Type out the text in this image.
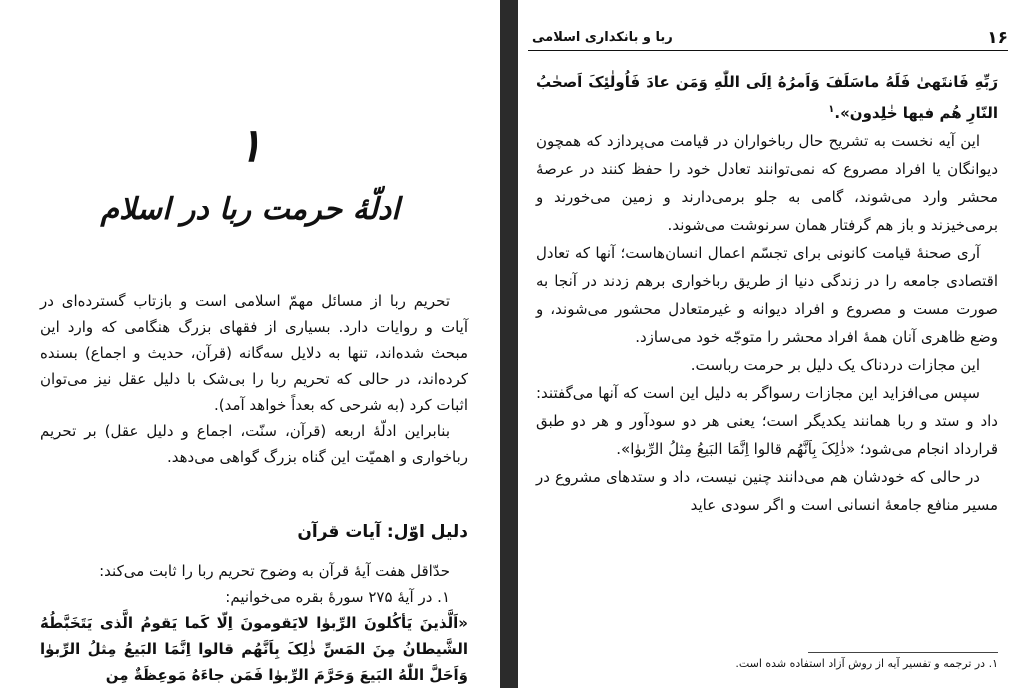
۱
ادلّهٔ حرمت ربا در اسلام

تحریم ربا از مسائل مهمّ اسلامی است و بازتاب گسترده‌ای در آیات و روایات دارد. بسیاری از فقهای بزرگ هنگامی که وارد این مبحث شده‌اند، تنها به دلایل سه‌گانه (قرآن، حدیث و اجماع) بسنده کرده‌اند، در حالی که تحریم ربا را بی‌شک با دلیل عقل نیز می‌توان اثبات کرد (به شرحی که بعداً خواهد آمد).

بنابراین ادلّهٔ اربعه (قرآن، سنّت، اجماع و دلیل عقل) بر تحریم رباخواری و اهمیّت این گناه بزرگ گواهی می‌دهد.

دلیل اوّل: آیات قرآن

حدّاقل هفت آیهٔ قرآن به وضوح تحریم ربا را ثابت می‌کند:

۱. در آیهٔ ۲۷۵ سورهٔ بقره می‌خوانیم:

«اَلَّذینَ یَأکُلونَ الرِّبوٰا لایَقومونَ اِلّا کَما یَقومُ الَّذی یَتَخَبَّطُهُ الشَّیطانُ مِنَ المَسِّ ذٰلِکَ بِاَنَّهُم قالوا اِنَّمَا البَیعُ مِثلُ الرِّبوٰا وَاَحَلَّ اللّٰهُ البَیعَ وَحَرَّمَ الرِّبوٰا فَمَن جاءَهُ مَوعِظَةٌ مِن

۱۶
ربا و بانکداری اسلامی

رَبِّهِ فَانتَهیٰ فَلَهُ ماسَلَفَ وَاَمرُهُ اِلَی اللّٰهِ وَمَن عادَ فَاُولٰئِکَ اَصحٰبُ النّارِ هُم فیها خٰلِدون».$^۱$

این آیه نخست به تشریح حال رباخواران در قیامت می‌پردازد که همچون دیوانگان یا افراد مصروع که نمی‌توانند تعادل خود را حفظ کنند در عرصهٔ محشر وارد می‌شوند، گامی به جلو برمی‌دارند و زمین می‌خورند و برمی‌خیزند و باز هم گرفتار همان سرنوشت می‌شوند.

آری صحنهٔ قیامت کانونی برای تجسّم اعمال انسان‌هاست؛ آنها که تعادل اقتصادی جامعه را در زندگی دنیا از طریق رباخواری برهم زدند در آنجا به صورت مست و مصروع و افراد دیوانه و غیرمتعادل محشور می‌شوند، و وضع ظاهری آنان همهٔ افراد محشر را متوجّه خود می‌سازد.

این مجازات دردناک یک دلیل بر حرمت رباست.

سپس می‌افزاید این مجازات رسواگر به دلیل این است که آنها می‌گفتند: داد و ستد و ربا همانند یکدیگر است؛ یعنی هر دو سودآور و هر دو طبق قرارداد انجام می‌شود؛ «ذٰلِکَ بِاَنَّهُم قالوا اِنَّمَا البَیعُ مِثلُ الرِّبوٰا».

در حالی که خودشان هم می‌دانند چنین نیست، داد و ستدهای مشروع در مسیر منافع جامعهٔ انسانی است و اگر سودی عاید

۱. در ترجمه و تفسیر آیه از روش آزاد استفاده شده است.
